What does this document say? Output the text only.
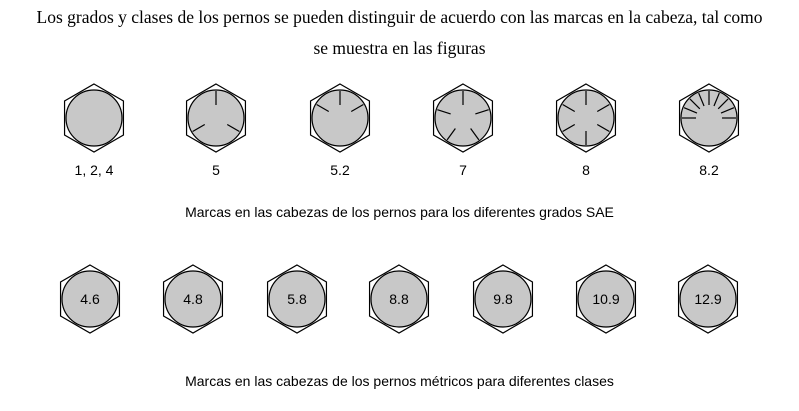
Los grados y clases de los pernos se pueden distinguir de acuerdo con las marcas en la cabeza, tal como
se muestra en las figuras
4.6	4.8	5.8	8.8	9.8	10.9	12.9
1, 2, 4	5	5.2	7	8	8.2
Marcas en las cabezas de los pernos para los diferentes grados SAE
Marcas en las cabezas de los pernos métricos para diferentes clases
